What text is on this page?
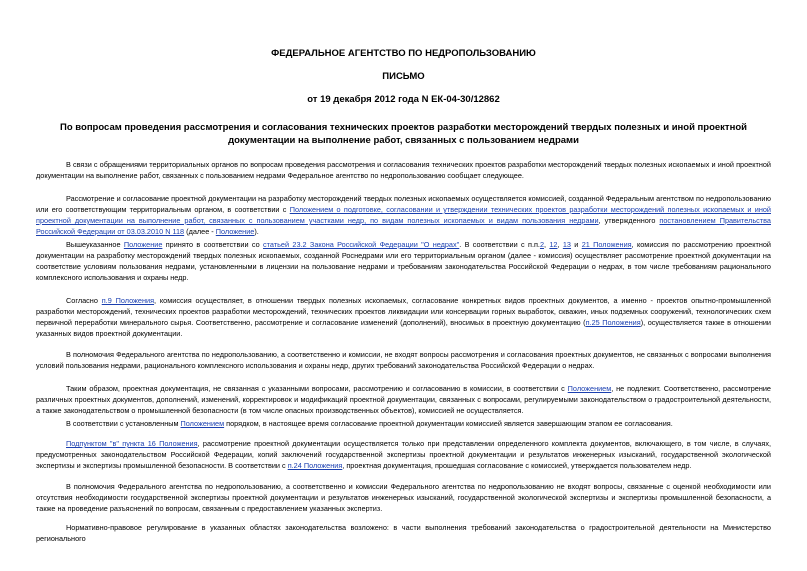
ФЕДЕРАЛЬНОЕ АГЕНТСТВО ПО НЕДРОПОЛЬЗОВАНИЮ
ПИСЬМО
от 19 декабря 2012 года N ЕК-04-30/12862
По вопросам проведения рассмотрения и согласования технических проектов разработки месторождений твердых полезных и иной проектной документации на выполнение работ, связанных с пользованием недрами
В связи с обращениями территориальных органов по вопросам проведения рассмотрения и согласования технических проектов разработки месторождений твердых полезных ископаемых и иной проектной документации на выполнение работ, связанных с пользованием недрами Федеральное агентство по недропользованию сообщает следующее.
Рассмотрение и согласование проектной документации на разработку месторождений твердых полезных ископаемых осуществляется комиссией, созданной Федеральным агентством по недропользованию или его соответствующим территориальным органом, в соответствии с Положением о подготовке, согласовании и утверждении технических проектов разработки месторождений полезных ископаемых и иной проектной документации на выполнение работ, связанных с пользованием участками недр, по видам полезных ископаемых и видам пользования недрами, утвержденного постановлением Правительства Российской Федерации от 03.03.2010 N 118 (далее - Положение).
Вышеуказанное Положение принято в соответствии со статьей 23.2 Закона Российской Федерации "О недрах". В соответствии с п.п.2, 12, 13 и 21 Положения, комиссия по рассмотрению проектной документации на разработку месторождений твердых полезных ископаемых, созданной Роснедрами или его территориальным органом (далее - комиссия) осуществляет рассмотрение проектной документации на соответствие условиям пользования недрами, установленными в лицензии на пользование недрами и требованиям законодательства Российской Федерации о недрах, в том числе требованиям рационального комплексного использования и охраны недр.
Согласно п.9 Положения, комиссия осуществляет, в отношении твердых полезных ископаемых, согласование конкретных видов проектных документов, а именно - проектов опытно-промышленной разработки месторождений, технических проектов разработки месторождений, технических проектов ликвидации или консервации горных выработок, скважин, иных подземных сооружений, технологических схем первичной переработки минерального сырья. Соответственно, рассмотрение и согласование изменений (дополнений), вносимых в проектную документацию (п.25 Положения), осуществляется также в отношении указанных видов проектной документации.
В полномочия Федерального агентства по недропользованию, а соответственно и комиссии, не входят вопросы рассмотрения и согласования проектных документов, не связанных с вопросами выполнения условий пользования недрами, рационального комплексного использования и охраны недр, других требований законодательства Российской Федерации о недрах.
Таким образом, проектная документация, не связанная с указанными вопросами, рассмотрению и согласованию в комиссии, в соответствии с Положением, не подлежит. Соответственно, рассмотрение различных проектных документов, дополнений, изменений, корректировок и модификаций проектной документации, связанных с вопросами, регулируемыми законодательством о градостроительной деятельности, а также законодательством о промышленной безопасности (в том числе опасных производственных объектов), комиссией не осуществляется.
В соответствии с установленным Положением порядком, в настоящее время согласование проектной документации комиссией является завершающим этапом ее согласования.
Подпунктом "в" пункта 16 Положения, рассмотрение проектной документации осуществляется только при представлении определенного комплекта документов, включающего, в том числе, в случаях, предусмотренных законодательством Российской Федерации, копий заключений государственной экспертизы проектной документации и результатов инженерных изысканий, государственной экологической экспертизы и экспертизы промышленной безопасности. В соответствии с п.24 Положения, проектная документация, прошедшая согласование с комиссией, утверждается пользователем недр.
В полномочия Федерального агентства по недропользованию, а соответственно и комиссии Федерального агентства по недропользованию не входят вопросы, связанные с оценкой необходимости или отсутствия необходимости государственной экспертизы проектной документации и результатов инженерных изысканий, государственной экологической экспертизы и экспертизы промышленной безопасности, а также на проведение разъяснений по вопросам, связанным с предоставлением указанных экспертиз.
Нормативно-правовое регулирование в указанных областях законодательства возложено: в части выполнения требований законодательства о градостроительной деятельности на Министерство регионального
